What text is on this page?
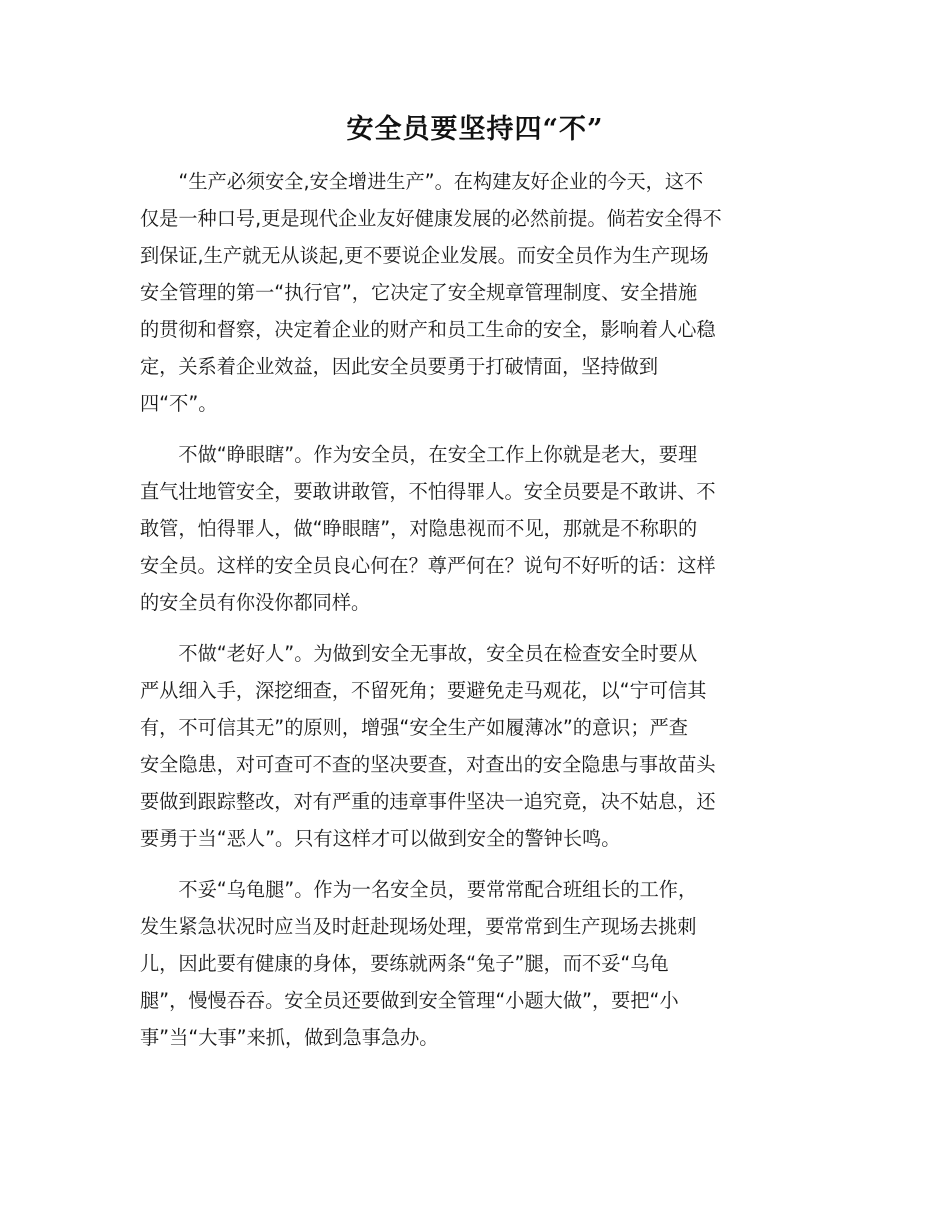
安全员要坚持四“不”
“生产必须安全,安全增进生产”。在构建友好企业的今天，这不
仅是一种口号,更是现代企业友好健康发展的必然前提。倘若安全得不
到保证,生产就无从谈起,更不要说企业发展。而安全员作为生产现场
安全管理的第一“执行官”，它决定了安全规章管理制度、安全措施
的贯彻和督察，决定着企业的财产和员工生命的安全，影响着人心稳
定，关系着企业效益，因此安全员要勇于打破情面，坚持做到
四“不”。
不做“睁眼瞎”。作为安全员，在安全工作上你就是老大，要理
直气壮地管安全，要敢讲敢管，不怕得罪人。安全员要是不敢讲、不
敢管，怕得罪人，做“睁眼瞎”，对隐患视而不见，那就是不称职的
安全员。这样的安全员良心何在？尊严何在？说句不好听的话：这样
的安全员有你没你都同样。
不做“老好人”。为做到安全无事故，安全员在检查安全时要从
严从细入手，深挖细查，不留死角；要避免走马观花，以“宁可信其
有，不可信其无”的原则，增强“安全生产如履薄冰”的意识；严查
安全隐患，对可查可不查的坚决要查，对查出的安全隐患与事故苗头
要做到跟踪整改，对有严重的违章事件坚决一追究竟，决不姑息，还
要勇于当“恶人”。只有这样才可以做到安全的警钟长鸣。
不妥“乌龟腿”。作为一名安全员，要常常配合班组长的工作，
发生紧急状况时应当及时赶赴现场处理，要常常到生产现场去挑刺
儿，因此要有健康的身体，要练就两条“兔子”腿，而不妥“乌龟
腿”，慢慢吞吞。安全员还要做到安全管理“小题大做”，要把“小
事”当“大事”来抓，做到急事急办。
